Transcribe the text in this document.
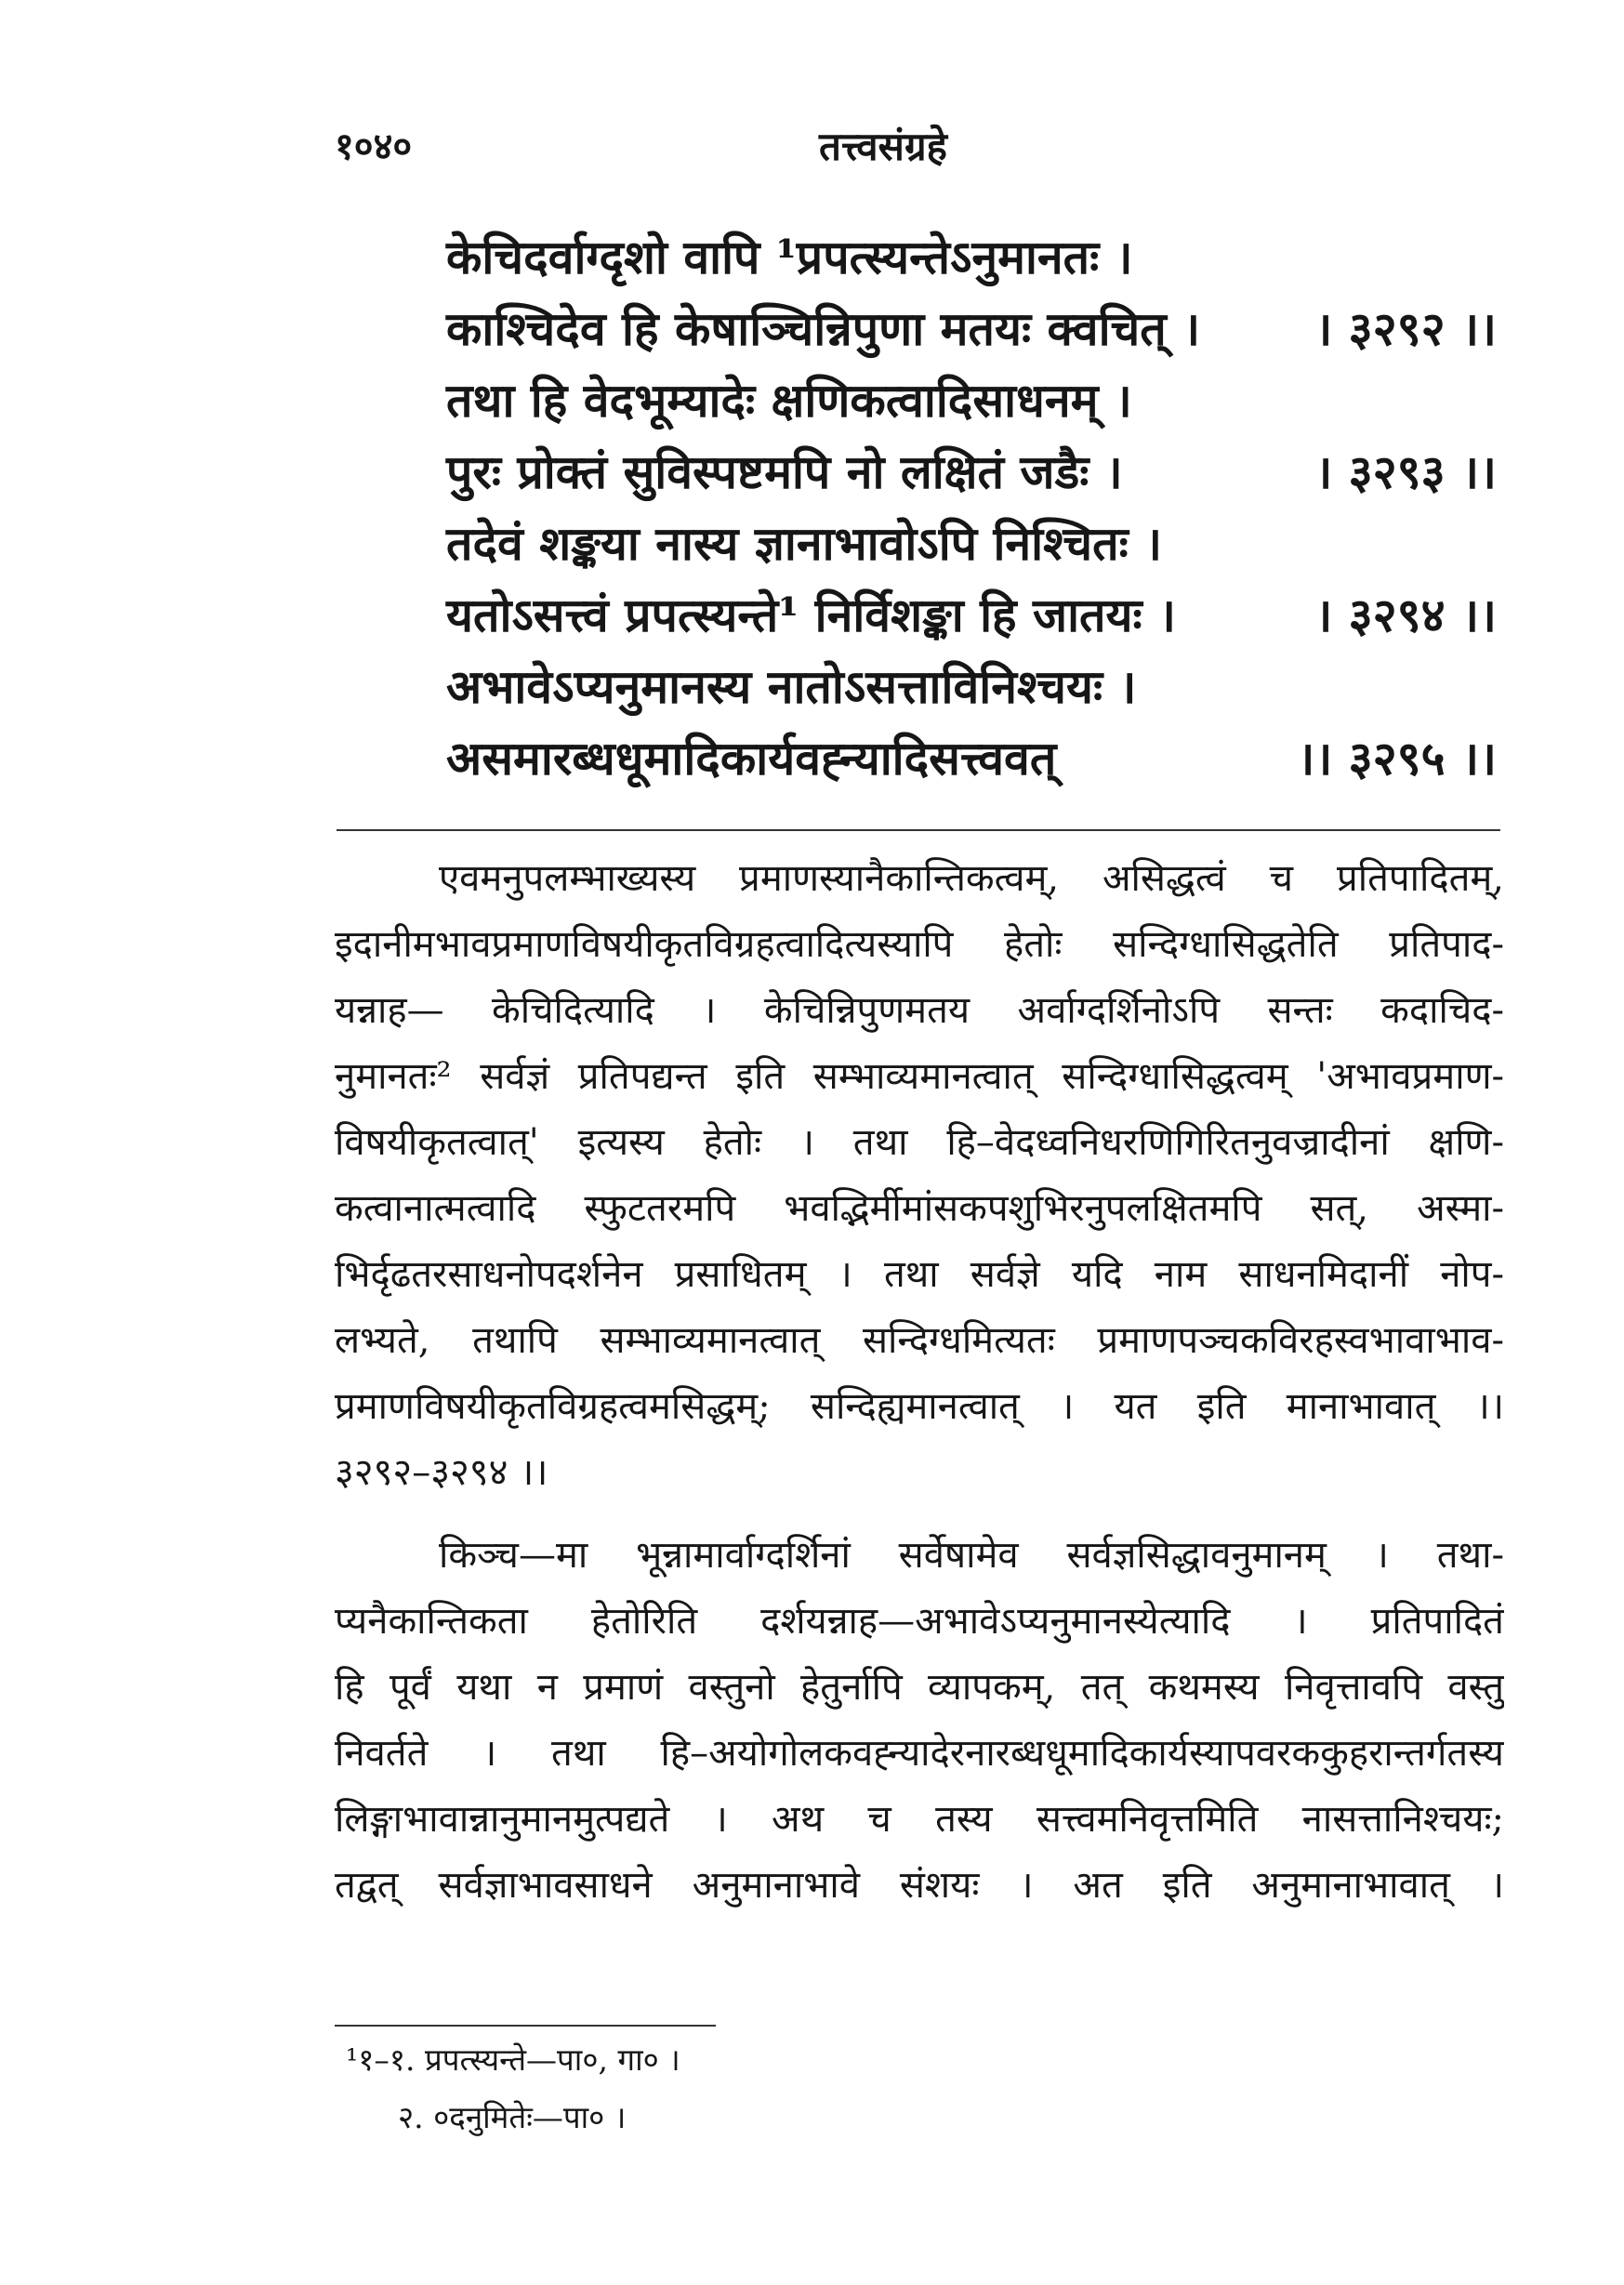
१०४०	तत्त्वसंग्रहे
केचिदर्वाग्दृशो वापि ¹प्रपत्स्यन्तेऽनुमानतः ।
काश्चिदेव हि केषाञ्चिन्निपुणा मतयः क्वचित् । । ३२९२ ।।
तथा हि वेदभूम्यादेः क्षणिकत्वादिसाधनम् ।
पुरः प्रोक्तं सुविस्पष्टमपि नो लक्षितं जडैः ।	। ३२९३ ।।
तदेवं शङ्कया नास्य ज्ञानाभावोऽपि निश्चितः ।
यतोऽसत्त्वं प्रपत्स्यन्ते¹ निर्विशङ्का हि जातयः ।	। ३२९४ ।।
अभावेऽप्यनुमानस्य नातोऽसत्ताविनिश्चयः ।
असमारब्धधूमादिकार्यवह्न्यादिसत्त्ववत्	।। ३२९५ ।।
एवमनुपलम्भाख्यस्य प्रमाणस्यानैकान्तिकत्वम्, असिद्धत्वं च प्रतिपादितम्,
इदानीमभावप्रमाणविषयीकृतविग्रहत्वादित्यस्यापि हेतोः सन्दिग्धासिद्धतेति प्रतिपाद-
यन्नाह— केचिदित्यादि । केचिन्निपुणमतय अर्वाग्दर्शिनोऽपि सन्तः कदाचिद-
नुमानतः² सर्वज्ञं प्रतिपद्यन्त इति सम्भाव्यमानत्वात् सन्दिग्धासिद्धत्वम् 'अभावप्रमाण-
विषयीकृतत्वात्' इत्यस्य हेतोः । तथा हि–वेदध्वनिधरणिगिरितनुवज्रादीनां क्षणि-
कत्वानात्मत्वादि स्फुटतरमपि भवद्भिर्मीमांसकपशुभिरनुपलक्षितमपि सत्, अस्मा-
भिर्दृढतरसाधनोपदर्शनेन प्रसाधितम् । तथा सर्वज्ञे यदि नाम साधनमिदानीं नोप-
लभ्यते, तथापि सम्भाव्यमानत्वात् सन्दिग्धमित्यतः प्रमाणपञ्चकविरहस्वभावाभाव-
प्रमाणविषयीकृतविग्रहत्वमसिद्धम्; सन्दिह्यमानत्वात् । यत इति मानाभावात् ।।
३२९२–३२९४ ।।
किञ्च—मा भून्नामार्वाग्दर्शिनां सर्वेषामेव सर्वज्ञसिद्धावनुमानम् । तथा-
प्यनैकान्तिकता हेतोरिति दर्शयन्नाह—अभावेऽप्यनुमानस्येत्यादि । प्रतिपादितं
हि पूर्वं यथा न प्रमाणं वस्तुनो हेतुर्नापि व्यापकम्, तत् कथमस्य निवृत्तावपि वस्तु
निवर्तते । तथा हि–अयोगोलकवह्न्यादेरनारब्धधूमादिकार्यस्यापवरककुहरान्तर्गतस्य
लिङ्गाभावान्नानुमानमुत्पद्यते । अथ च तस्य सत्त्वमनिवृत्तमिति नासत्तानिश्चयः;
तद्वत् सर्वज्ञाभावसाधने अनुमानाभावे संशयः । अत इति अनुमानाभावात् ।
¹१–१. प्रपत्स्यन्ते—पा०, गा० ।
२. ०दनुमितेः—पा० ।
